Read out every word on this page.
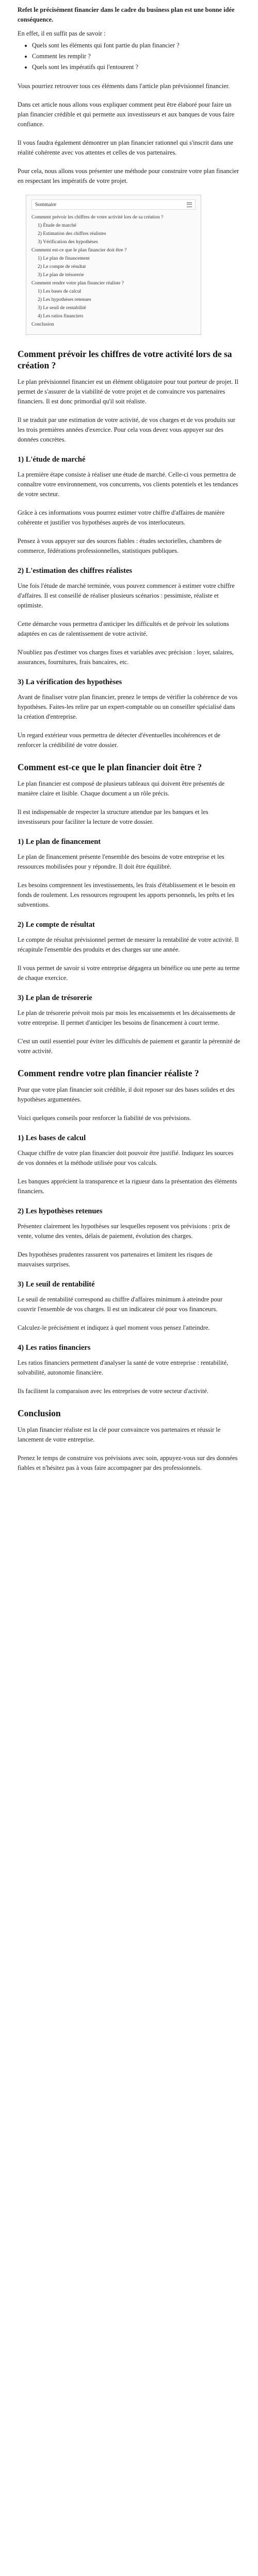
Refet le précisément financier dans le cadre du business plan est une bonne idée conséquence.

En effet, il en suffit pas de savoir :

• Quels sont les éléments qui font partie du plan financier ?
• Comment les remplir ?
• Quels sont les impératifs qui l'entourent ?

Vous pourriez retrouver tous ces éléments dans l'article plan prévisionnel financier.

Dans cet article nous allons vous expliquer comment peut être élaboré pour faire un plan financier crédible et qui permette aux investisseurs et aux banques de vous faire confiance.

Il vous faudra également démontrer un plan financier rationnel qui s'inscrit dans une réalité cohérente avec vos attentes et celles de vos partenaires.

Pour cela, nous allons vous présenter une méthode pour construire votre plan financier en respectant les impératifs de votre projet.

Sommaire
Comment prévoir les chiffres de votre activité lors de sa création ?
1) Étude de marché
2) Estimation des chiffres réalistes
3) Vérification des hypothèses
Comment est-ce que le plan financier doit être ?
1) Le plan de financement
2) Le compte de résultat
3) Le plan de trésorerie
Comment rendre votre plan financier réaliste ?
1) Les bases de calcul
2) Les hypothèses retenues
3) Le seuil de rentabilité
4) Les ratios financiers
Conclusion
Comment prévoir les chiffres de votre activité lors de sa création ?

Le plan prévisionnel financier est un élément obligatoire pour tout porteur de projet. Il permet de s'assurer de la viabilité de votre projet et de convaincre vos partenaires financiers. Il est donc primordial qu'il soit réaliste.

Il se traduit par une estimation de votre activité, de vos charges et de vos produits sur les trois premières années d'exercice. Pour cela vous devez vous appuyer sur des données concrètes.

1) L'étude de marché

La première étape consiste à réaliser une étude de marché. Celle-ci vous permettra de connaître votre environnement, vos concurrents, vos clients potentiels et les tendances de votre secteur.

Grâce à ces informations vous pourrez estimer votre chiffre d'affaires de manière cohérente et justifier vos hypothèses auprès de vos interlocuteurs.

Pensez à vous appuyer sur des sources fiables : études sectorielles, chambres de commerce, fédérations professionnelles, statistiques publiques.

2) L'estimation des chiffres réalistes

Une fois l'étude de marché terminée, vous pouvez commencer à estimer votre chiffre d'affaires. Il est conseillé de réaliser plusieurs scénarios : pessimiste, réaliste et optimiste.

Cette démarche vous permettra d'anticiper les difficultés et de prévoir les solutions adaptées en cas de ralentissement de votre activité.

N'oubliez pas d'estimer vos charges fixes et variables avec précision : loyer, salaires, assurances, fournitures, frais bancaires, etc.

3) La vérification des hypothèses

Avant de finaliser votre plan financier, prenez le temps de vérifier la cohérence de vos hypothèses. Faites-les relire par un expert-comptable ou un conseiller spécialisé dans la création d'entreprise.

Un regard extérieur vous permettra de détecter d'éventuelles incohérences et de renforcer la crédibilité de votre dossier.

Comment est-ce que le plan financier doit être ?

Le plan financier est composé de plusieurs tableaux qui doivent être présentés de manière claire et lisible. Chaque document a un rôle précis.

Il est indispensable de respecter la structure attendue par les banques et les investisseurs pour faciliter la lecture de votre dossier.

1) Le plan de financement

Le plan de financement présente l'ensemble des besoins de votre entreprise et les ressources mobilisées pour y répondre. Il doit être équilibré.

Les besoins comprennent les investissements, les frais d'établissement et le besoin en fonds de roulement. Les ressources regroupent les apports personnels, les prêts et les subventions.

2) Le compte de résultat

Le compte de résultat prévisionnel permet de mesurer la rentabilité de votre activité. Il récapitule l'ensemble des produits et des charges sur une année.

Il vous permet de savoir si votre entreprise dégagera un bénéfice ou une perte au terme de chaque exercice.

3) Le plan de trésorerie

Le plan de trésorerie prévoit mois par mois les encaissements et les décaissements de votre entreprise. Il permet d'anticiper les besoins de financement à court terme.

C'est un outil essentiel pour éviter les difficultés de paiement et garantir la pérennité de votre activité.

Comment rendre votre plan financier réaliste ?

Pour que votre plan financier soit crédible, il doit reposer sur des bases solides et des hypothèses argumentées.

Voici quelques conseils pour renforcer la fiabilité de vos prévisions.

1) Les bases de calcul

Chaque chiffre de votre plan financier doit pouvoir être justifié. Indiquez les sources de vos données et la méthode utilisée pour vos calculs.

Les banques apprécient la transparence et la rigueur dans la présentation des éléments financiers.

2) Les hypothèses retenues

Présentez clairement les hypothèses sur lesquelles reposent vos prévisions : prix de vente, volume des ventes, délais de paiement, évolution des charges.

Des hypothèses prudentes rassurent vos partenaires et limitent les risques de mauvaises surprises.

3) Le seuil de rentabilité

Le seuil de rentabilité correspond au chiffre d'affaires minimum à atteindre pour couvrir l'ensemble de vos charges. Il est un indicateur clé pour vos financeurs.

Calculez-le précisément et indiquez à quel moment vous pensez l'atteindre.

4) Les ratios financiers

Les ratios financiers permettent d'analyser la santé de votre entreprise : rentabilité, solvabilité, autonomie financière.

Ils facilitent la comparaison avec les entreprises de votre secteur d'activité.

Conclusion

Un plan financier réaliste est la clé pour convaincre vos partenaires et réussir le lancement de votre entreprise.

Prenez le temps de construire vos prévisions avec soin, appuyez-vous sur des données fiables et n'hésitez pas à vous faire accompagner par des professionnels.
